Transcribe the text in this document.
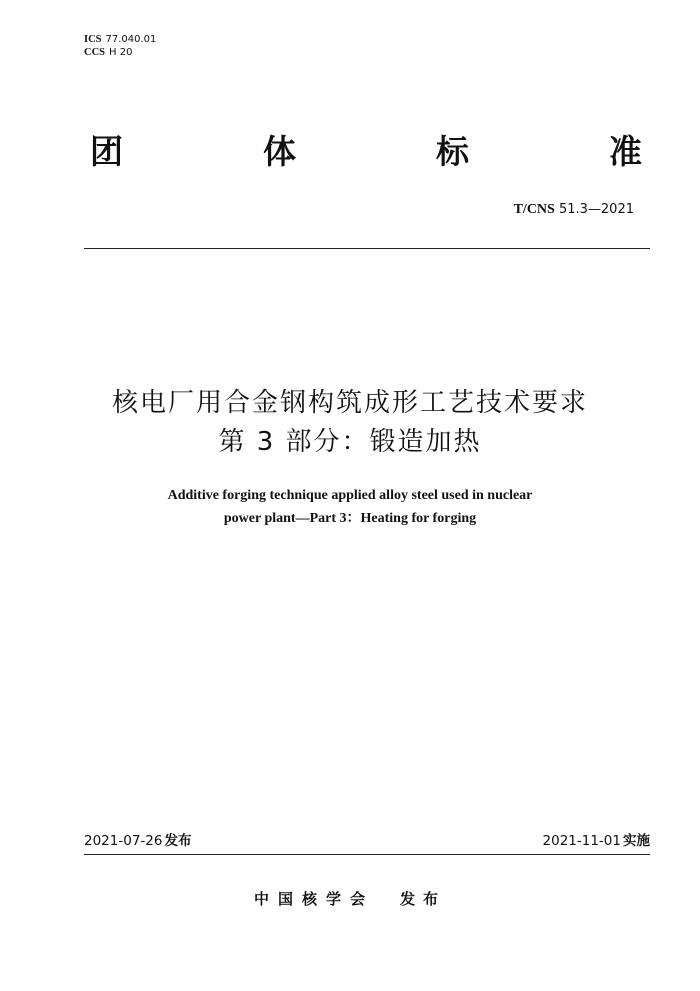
ICS 77.040.01
CCS H 20
团	体	标	准
T/CNS 51.3—2021
核电厂用合金钢构筑成形工艺技术要求
第 3 部分：锻造加热
Additive forging technique applied alloy steel used in nuclear
power plant—Part 3：Heating for forging
2021-07-26 发布	2021-11-01 实施
中国核学会 发布
